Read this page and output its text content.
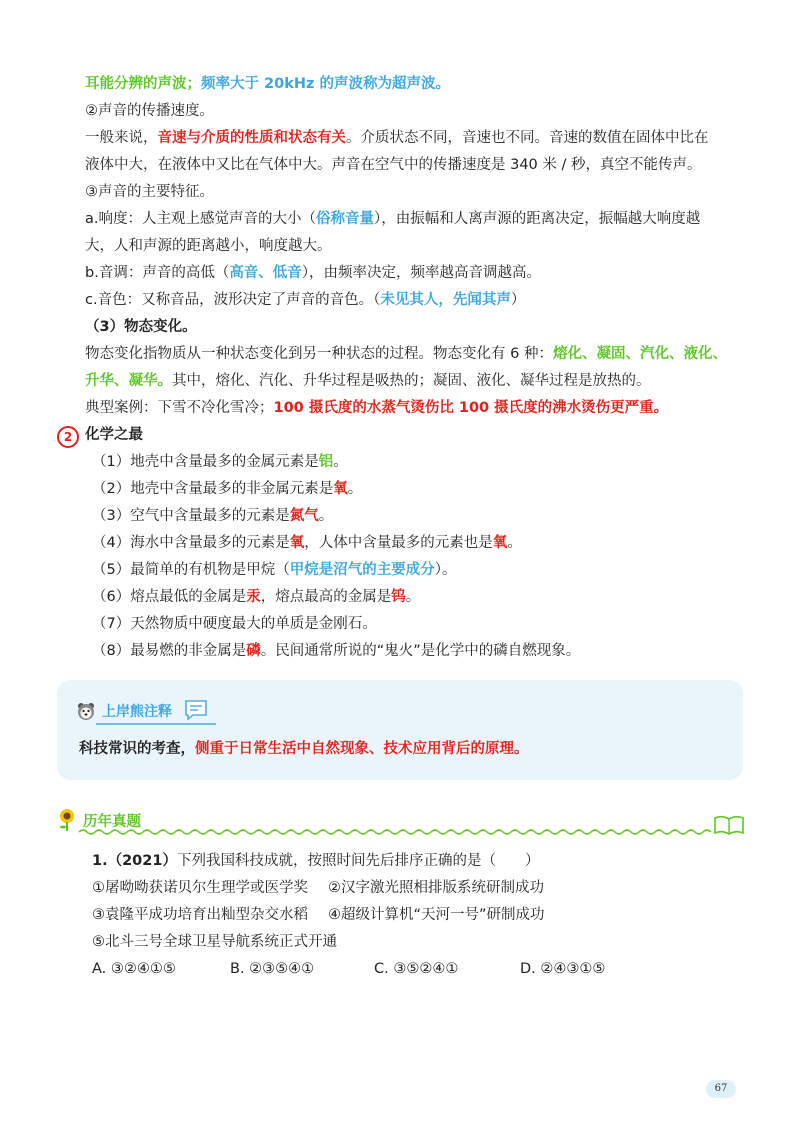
耳能分辨的声波；频率大于 20kHz 的声波称为超声波。
②声音的传播速度。
一般来说，音速与介质的性质和状态有关。介质状态不同，音速也不同。音速的数值在固体中比在
液体中大，在液体中又比在气体中大。声音在空气中的传播速度是 340 米 / 秒，真空不能传声。
③声音的主要特征。
a.响度：人主观上感觉声音的大小（俗称音量），由振幅和人离声源的距离决定，振幅越大响度越
大，人和声源的距离越小，响度越大。
b.音调：声音的高低（高音、低音），由频率决定，频率越高音调越高。
c.音色：又称音品，波形决定了声音的音色。（未见其人，先闻其声）
（3）物态变化。
物态变化指物质从一种状态变化到另一种状态的过程。物态变化有 6 种：熔化、凝固、汽化、液化、
升华、凝华。其中，熔化、汽化、升华过程是吸热的；凝固、液化、凝华过程是放热的。
典型案例：下雪不冷化雪冷；100 摄氏度的水蒸气烫伤比 100 摄氏度的沸水烫伤更严重。
2 化学之最
（1）地壳中含量最多的金属元素是铝。
（2）地壳中含量最多的非金属元素是氧。
（3）空气中含量最多的元素是氮气。
（4）海水中含量最多的元素是氧，人体中含量最多的元素也是氧。
（5）最简单的有机物是甲烷（甲烷是沼气的主要成分）。
（6）熔点最低的金属是汞，熔点最高的金属是钨。
（7）天然物质中硬度最大的单质是金刚石。
（8）最易燃的非金属是磷。民间通常所说的“鬼火”是化学中的磷自燃现象。
上岸熊注释
科技常识的考查，侧重于日常生活中自然现象、技术应用背后的原理。
历年真题
1.（2021）下列我国科技成就，按照时间先后排序正确的是（　　）
①屠呦呦获诺贝尔生理学或医学奖 ②汉字激光照相排版系统研制成功
③袁隆平成功培育出籼型杂交水稻 ④超级计算机“天河一号”研制成功
⑤北斗三号全球卫星导航系统正式开通
A. ③②④①⑤	B. ②③⑤④①	C. ③⑤②④①	D. ②④③①⑤
67
